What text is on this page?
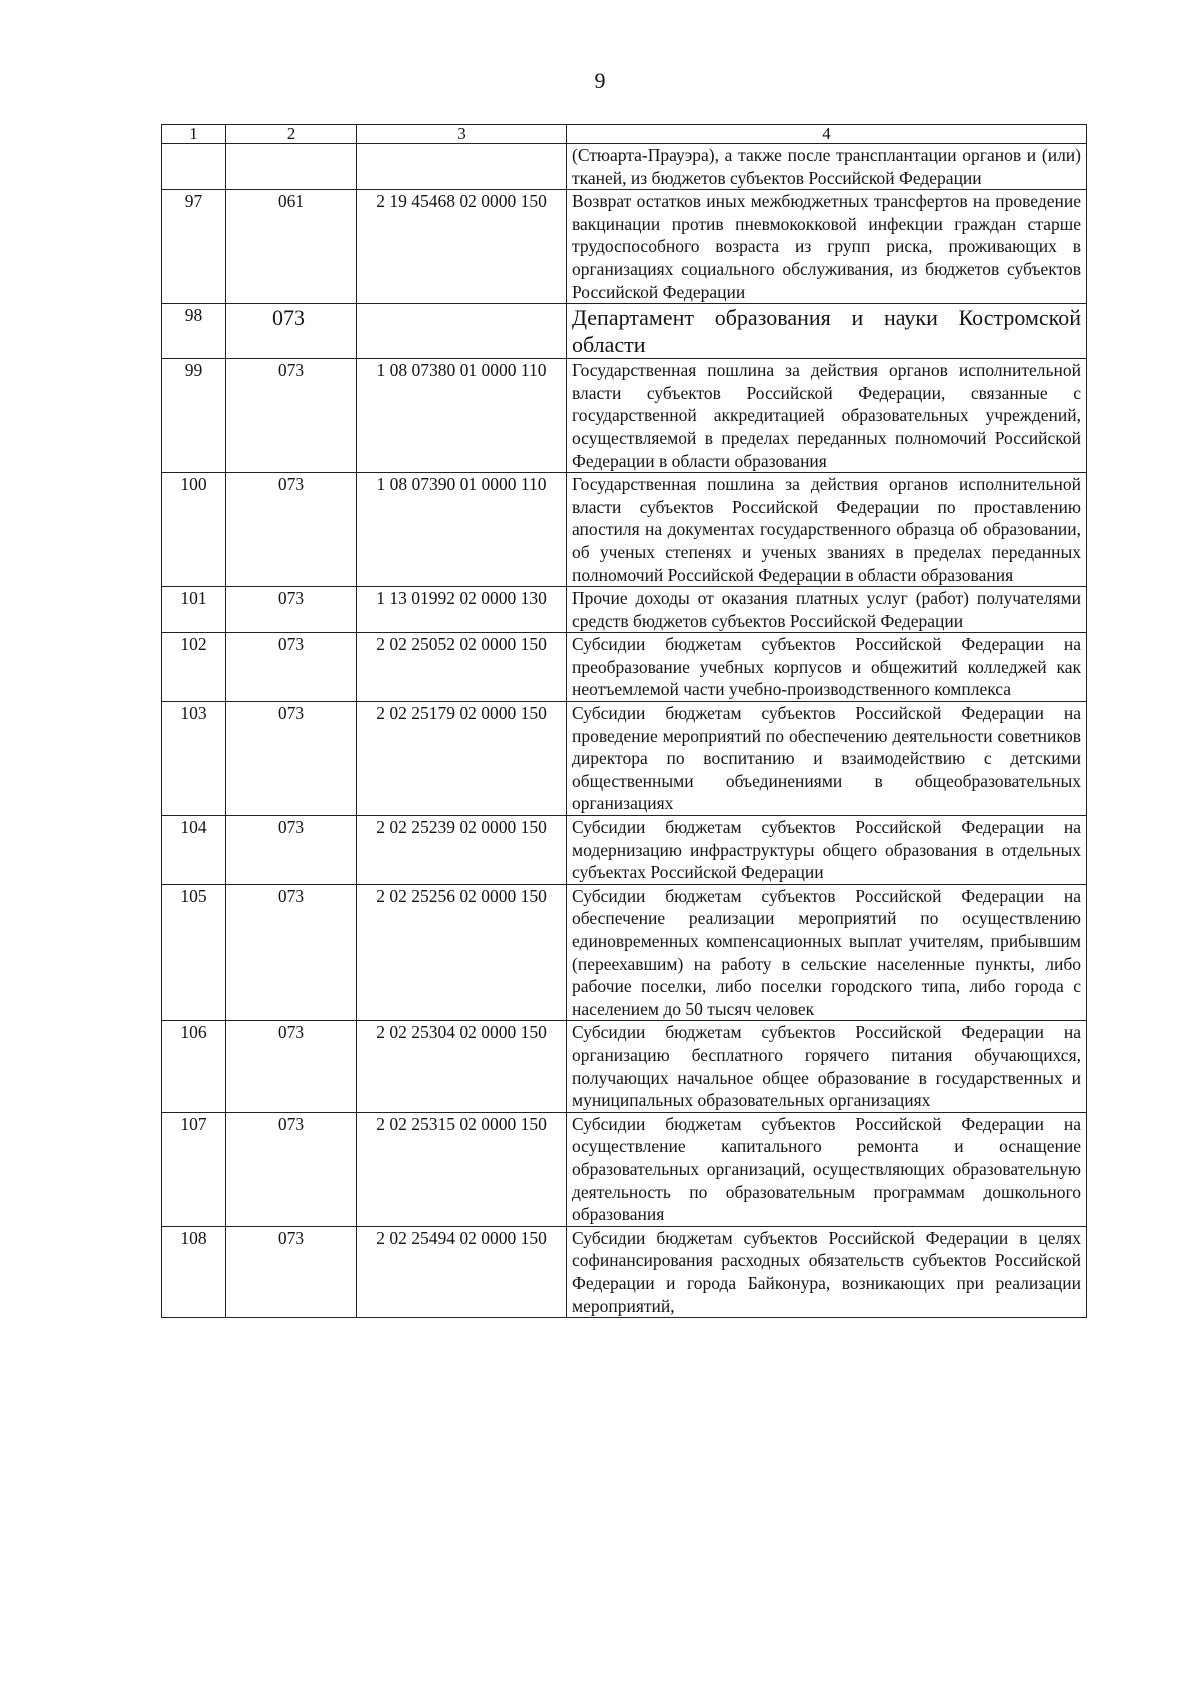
9
1	2	3	4
			(Стюарта-Прауэра), а также после трансплантации органов и (или) тканей, из бюджетов субъектов Российской Федерации
97	061	2 19 45468 02 0000 150	Возврат остатков иных межбюджетных трансфертов на проведение вакцинации против пневмококковой инфекции граждан старше трудоспособного возраста из групп риска, проживающих в организациях социального обслуживания, из бюджетов субъектов Российской Федерации
98	073		Департамент образования и науки Костромской области
99	073	1 08 07380 01 0000 110	Государственная пошлина за действия органов исполнительной власти субъектов Российской Федерации, связанные с государственной аккредитацией образовательных учреждений, осуществляемой в пределах переданных полномочий Российской Федерации в области образования
100	073	1 08 07390 01 0000 110	Государственная пошлина за действия органов исполнительной власти субъектов Российской Федерации по проставлению апостиля на документах государственного образца об образовании, об ученых степенях и ученых званиях в пределах переданных полномочий Российской Федерации в области образования
101	073	1 13 01992 02 0000 130	Прочие доходы от оказания платных услуг (работ) получателями средств бюджетов субъектов Российской Федерации
102	073	2 02 25052 02 0000 150	Субсидии бюджетам субъектов Российской Федерации на преобразование учебных корпусов и общежитий колледжей как неотъемлемой части учебно-производственного комплекса
103	073	2 02 25179 02 0000 150	Субсидии бюджетам субъектов Российской Федерации на проведение мероприятий по обеспечению деятельности советников директора по воспитанию и взаимодействию с детскими общественными объединениями в общеобразовательных организациях
104	073	2 02 25239 02 0000 150	Субсидии бюджетам субъектов Российской Федерации на модернизацию инфраструктуры общего образования в отдельных субъектах Российской Федерации
105	073	2 02 25256 02 0000 150	Субсидии бюджетам субъектов Российской Федерации на обеспечение реализации мероприятий по осуществлению единовременных компенсационных выплат учителям, прибывшим (переехавшим) на работу в сельские населенные пункты, либо рабочие поселки, либо поселки городского типа, либо города с населением до 50 тысяч человек
106	073	2 02 25304 02 0000 150	Субсидии бюджетам субъектов Российской Федерации на организацию бесплатного горячего питания обучающихся, получающих начальное общее образование в государственных и муниципальных образовательных организациях
107	073	2 02 25315 02 0000 150	Субсидии бюджетам субъектов Российской Федерации на осуществление капитального ремонта и оснащение образовательных организаций, осуществляющих образовательную деятельность по образовательным программам дошкольного образования
108	073	2 02 25494 02 0000 150	Субсидии бюджетам субъектов Российской Федерации в целях софинансирования расходных обязательств субъектов Российской Федерации и города Байконура, возникающих при реализации мероприятий,
